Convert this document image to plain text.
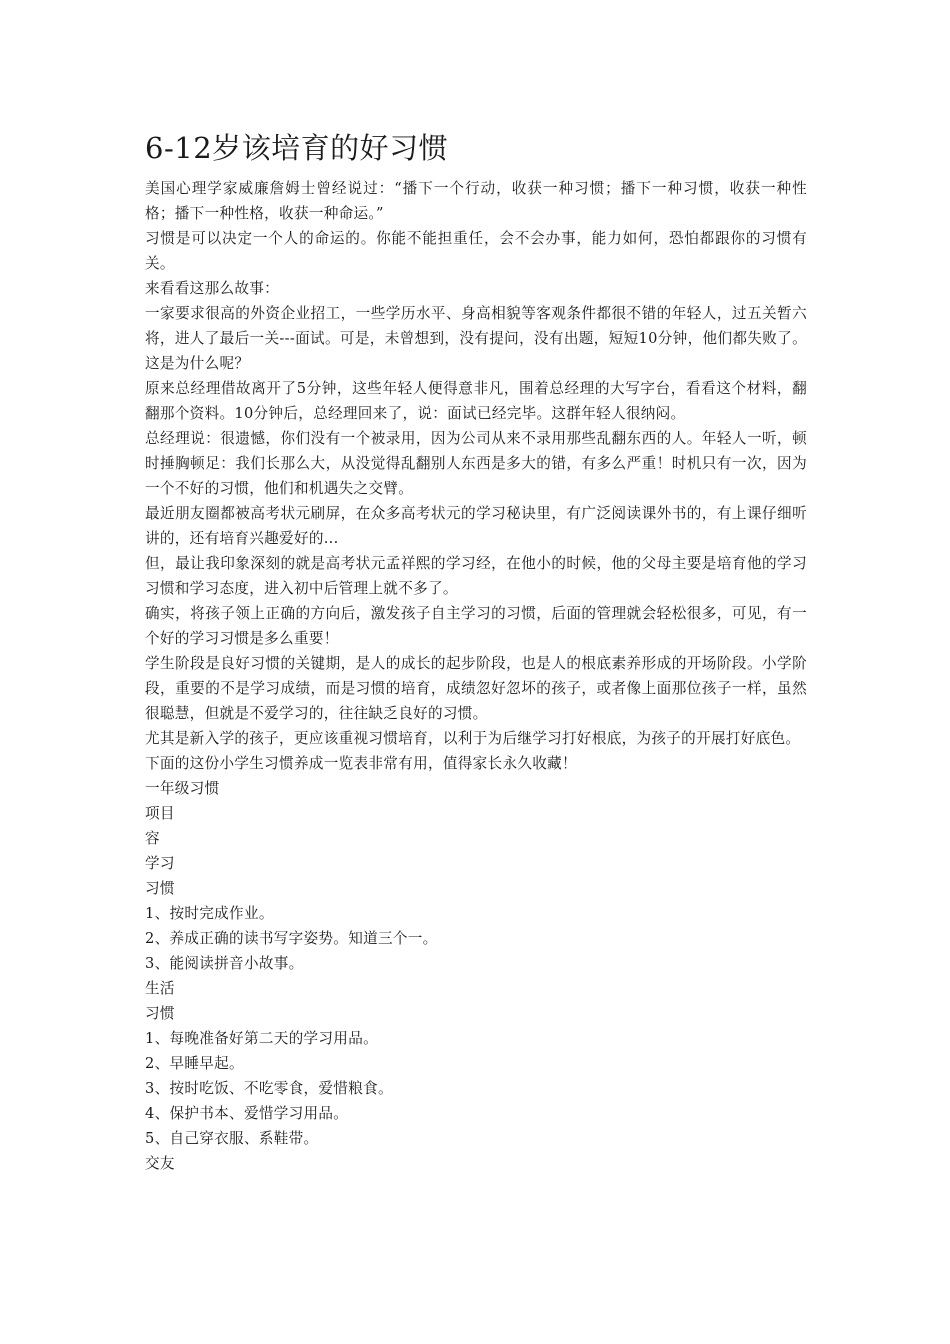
6-12岁该培育的好习惯

美国心理学家威廉詹姆士曾经说过：“播下一个行动，收获一种习惯；播下一种习惯，收获一种性格；播下一种性格，收获一种命运。”

习惯是可以决定一个人的命运的。你能不能担重任，会不会办事，能力如何，恐怕都跟你的习惯有关。

来看看这那么故事：

一家要求很高的外资企业招工，一些学历水平、身高相貌等客观条件都很不错的年轻人，过五关暂六将，进人了最后一关---面试。可是，未曾想到，没有提问，没有出题，短短10分钟，他们都失败了。这是为什么呢？

原来总经理借故离开了5分钟，这些年轻人便得意非凡，围着总经理的大写字台，看看这个材料，翻翻那个资料。10分钟后，总经理回来了，说：面试已经完毕。这群年轻人很纳闷。

总经理说：很遗憾，你们没有一个被录用，因为公司从来不录用那些乱翻东西的人。年轻人一听，顿时捶胸顿足：我们长那么大，从没觉得乱翻别人东西是多大的错，有多么严重！时机只有一次，因为一个不好的习惯，他们和机遇失之交臂。

最近朋友圈都被高考状元刷屏，在众多高考状元的学习秘诀里，有广泛阅读课外书的，有上课仔细听讲的，还有培育兴趣爱好的...

但，最让我印象深刻的就是高考状元孟祥熙的学习经，在他小的时候，他的父母主要是培育他的学习习惯和学习态度，进入初中后管理上就不多了。

确实，将孩子领上正确的方向后，激发孩子自主学习的习惯，后面的管理就会轻松很多，可见，有一个好的学习习惯是多么重要！

学生阶段是良好习惯的关键期，是人的成长的起步阶段，也是人的根底素养形成的开场阶段。小学阶段，重要的不是学习成绩，而是习惯的培育，成绩忽好忽坏的孩子，或者像上面那位孩子一样，虽然很聪慧，但就是不爱学习的，往往缺乏良好的习惯。

尤其是新入学的孩子，更应该重视习惯培育，以利于为后继学习打好根底，为孩子的开展打好底色。

下面的这份小学生习惯养成一览表非常有用，值得家长永久收藏！

一年级习惯

项目

容

学习

习惯

1、按时完成作业。

2、养成正确的读书写字姿势。知道三个一。

3、能阅读拼音小故事。

生活

习惯

1、每晚准备好第二天的学习用品。

2、早睡早起。

3、按时吃饭、不吃零食，爱惜粮食。

4、保护书本、爱惜学习用品。

5、自己穿衣服、系鞋带。

交友
